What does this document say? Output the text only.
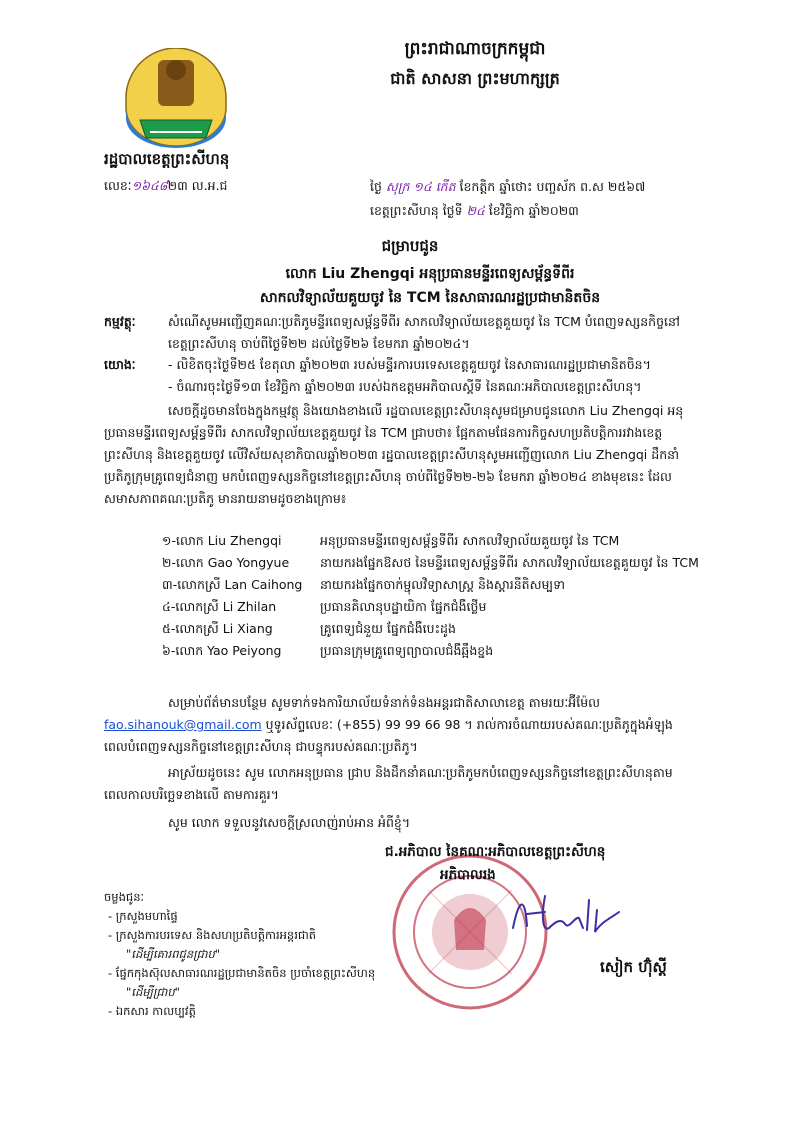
ព្រះរាជាណាចក្រកម្ពុជា
ជាតិ សាសនា ព្រះមហាក្សត្រ
រដ្ឋបាលខេត្តព្រះសីហនុ
លេខៈ១៦៤៨២៣ ល.អ.ជ	ថ្ងៃ សុក្រ ១៤ កើត ខែកត្តិក ឆ្នាំថោះ បញ្ចស័ក ព.ស ២៥៦៧
ខេត្តព្រះសីហនុ ថ្ងៃទី ២៤ ខែវិច្ឆិកា ឆ្នាំ២០២៣
ជម្រាបជូន
លោក Liu Zhengqi អនុប្រធានមន្ទីរពេទ្យសម្ព័ន្ធទីពីរ
សាកលវិទ្យាល័យគួយចូវ នៃ TCM នៃសាធារណរដ្ឋប្រជាមានិតចិន
កម្មវត្ថុៈ	សំណើសូមអញ្ជើញគណៈប្រតិភូមន្ទីរពេទ្យសម្ព័ន្ធទីពីរ សាកលវិទ្យាល័យខេត្តគួយចូវ នៃ TCM បំពេញទស្សនកិច្ចនៅខេត្តព្រះសីហនុ ចាប់ពីថ្ងៃទី២២ ដល់ថ្ងៃទី២៦ ខែមករា ឆ្នាំ២០២៤។
យោងៈ	- លិខិតចុះថ្ងៃទី២៥ ខែតុលា ឆ្នាំ២០២៣ របស់មន្ទីរការបរទេសខេត្តគួយចូវ នៃសាធារណរដ្ឋប្រជាមានិតចិន។
- ចំណារចុះថ្ងៃទី១៣ ខែវិច្ឆិកា ឆ្នាំ២០២៣ របស់ឯកឧត្តមអភិបាលស្តីទី នៃគណៈអភិបាលខេត្តព្រះសីហនុ។
សេចក្តីដូចមានចែងក្នុងកម្មវត្ថុ និងយោងខាងលើ រដ្ឋបាលខេត្តព្រះសីហនុសូមជម្រាបជូនលោក Liu Zhengqi អនុប្រធានមន្ទីរពេទ្យសម្ព័ន្ធទីពីរ សាកលវិទ្យាល័យខេត្តគួយចូវ នៃ TCM ជ្រាបថា៖ ផ្អែកតាមផែនការកិច្ចសហប្រតិបត្តិការរវាងខេត្តព្រះសីហនុ និងខេត្តគួយចូវ លើវិស័យសុខាភិបាលឆ្នាំ២០២៣ រដ្ឋបាលខេត្តព្រះសីហនុសូមអញ្ជើញលោក Liu Zhengqi ដឹកនាំប្រតិភូក្រុមគ្រូពេទ្យជំនាញ មកបំពេញទស្សនកិច្ចនៅខេត្តព្រះសីហនុ ចាប់ពីថ្ងៃទី២២-២៦ ខែមករា ឆ្នាំ២០២៤ ខាងមុខនេះ ដែលសមាសភាពគណៈប្រតិភូ មានរាយនាមដូចខាងក្រោម៖
១-លោក Liu Zhengqi	អនុប្រធានមន្ទីរពេទ្យសម្ព័ន្ធទីពីរ សាកលវិទ្យាល័យគួយចូវ នៃ TCM
២-លោក Gao Yongyue	នាយករងផ្នែកឱសថ នៃមន្ទីរពេទ្យសម្ព័ន្ធទីពីរ សាកលវិទ្យាល័យខេត្តគួយចូវ នៃ TCM
៣-លោកស្រី Lan Caihong	នាយករងផ្នែកចាក់ម្ជុលវិទ្យាសាស្ត្រ និងស្តារនីតិសម្បទា
៤-លោកស្រី Li Zhilan	ប្រធានគិលានុបដ្ឋាយិកា ផ្នែកជំងឺថ្លើម
៥-លោកស្រី Li Xiang	គ្រូពេទ្យជំនួយ ផ្នែកជំងឺបេះដូង
៦-លោក Yao Peiyong	ប្រធានក្រុមគ្រូពេទ្យព្យាបាលជំងឺឆ្អឹងខ្នង
សម្រាប់ព័ត៌មានបន្ថែម សូមទាក់ទងការិយាល័យទំនាក់ទំនងអន្តរជាតិសាលាខេត្ត តាមរយៈអ៊ីម៉ែល fao.sihanouk@gmail.com ឬទូរស័ព្ទលេខៈ (+855) 99 99 66 98 ។ រាល់ការចំណាយរបស់គណៈប្រតិភូក្នុងអំឡុងពេលបំពេញទស្សនកិច្ចនៅខេត្តព្រះសីហនុ ជាបន្ទុករបស់គណៈប្រតិភូ។
អាស្រ័យដូចនេះ សូម លោកអនុប្រធាន ជ្រាប និងដឹកនាំគណៈប្រតិភូមកបំពេញទស្សនកិច្ចនៅខេត្តព្រះសីហនុតាមពេលកាលបរិច្ឆេទខាងលើ តាមការគួរ។
សូម លោក ទទួលនូវសេចក្តីស្រលាញ់រាប់អាន អំពីខ្ញុំ។
ជ.អភិបាល នៃគណៈអភិបាលខេត្តព្រះសីហនុ
អភិបាលរង
សៀក ហ៊ុំស្តី
ចម្លងជូនៈ
- ក្រសួងមហាផ្ទៃ
- ក្រសួងការបរទេស និងសហប្រតិបត្តិការអន្តរជាតិ
"ដើម្បីគោរពជូនជ្រាប"
- ផ្នែកកុងស៊ុលសាធារណរដ្ឋប្រជាមានិតចិន ប្រចាំខេត្តព្រះសីហនុ
"ដើម្បីជ្រាប"
- ឯកសារ កាលប្បវត្តិ
